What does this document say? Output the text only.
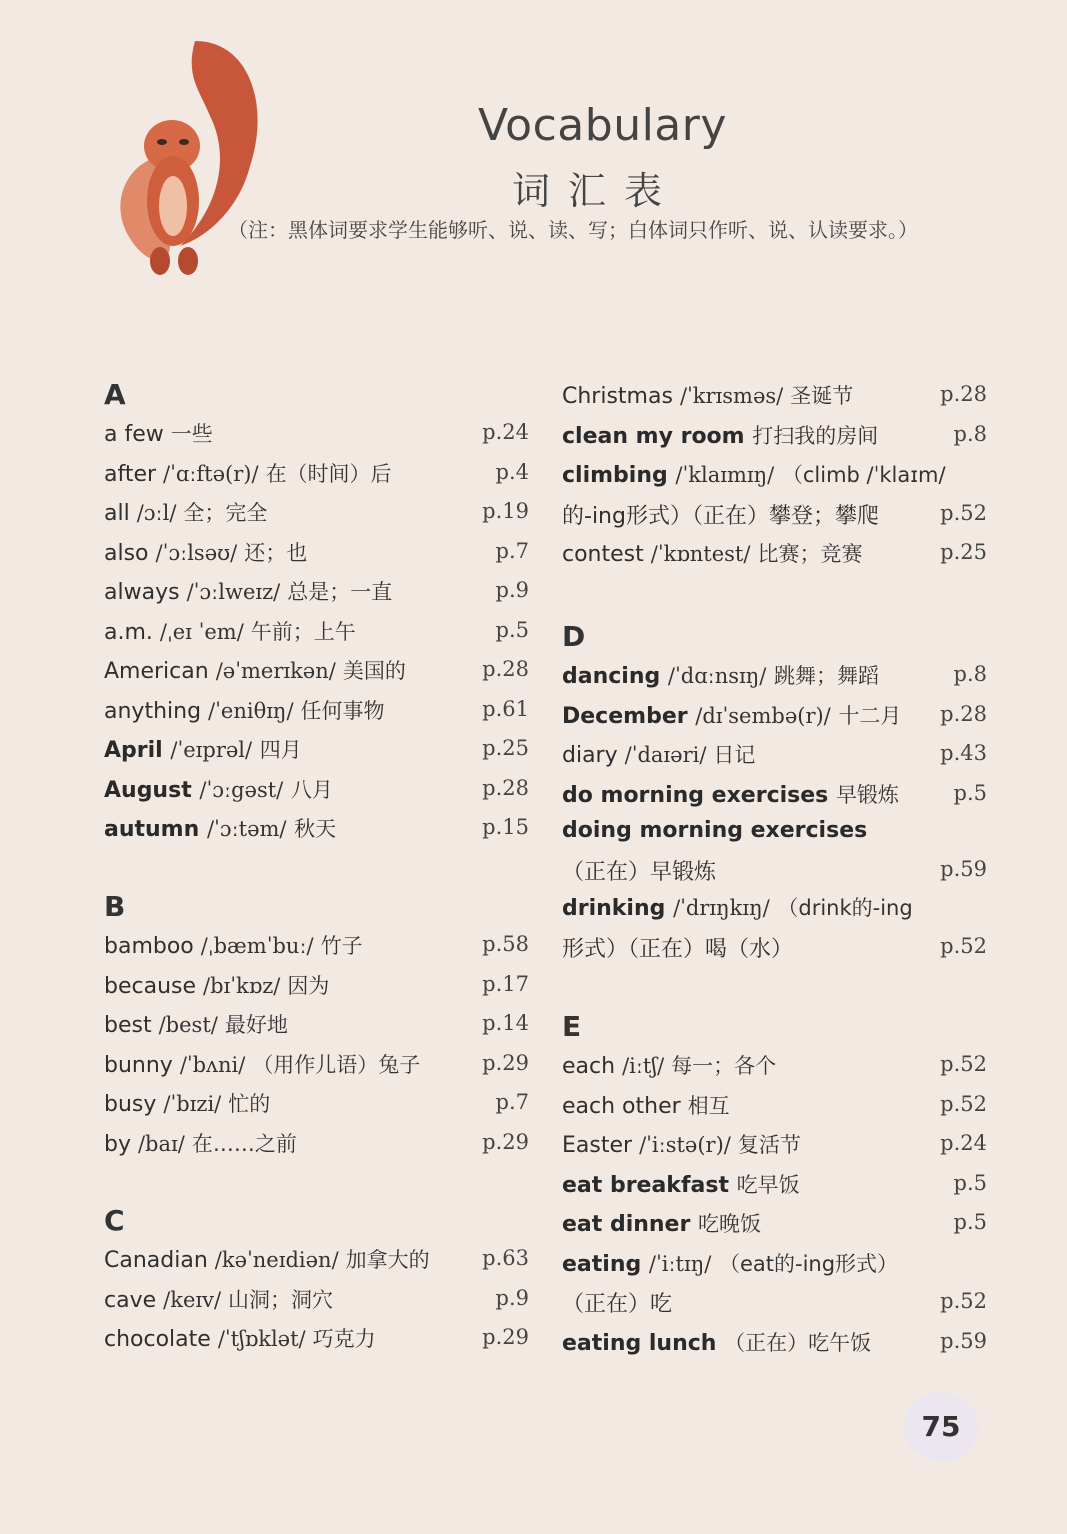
Vocabulary
词汇表
（注：黑体词要求学生能够听、说、读、写；白体词只作听、说、认读要求。）
A
a few 一些	p.24
after /ˈɑːftə(r)/ 在（时间）后	p.4
all /ɔːl/ 全；完全	p.19
also /ˈɔːlsəʊ/ 还；也	p.7
always /ˈɔːlweɪz/ 总是；一直	p.9
a.m. /ˌeɪ ˈem/ 午前；上午	p.5
American /əˈmerɪkən/ 美国的	p.28
anything /ˈeniθɪŋ/ 任何事物	p.61
April /ˈeɪprəl/ 四月	p.25
August /ˈɔːgəst/ 八月	p.28
autumn /ˈɔːtəm/ 秋天	p.15
B
bamboo /ˌbæmˈbuː/ 竹子	p.58
because /bɪˈkɒz/ 因为	p.17
best /best/ 最好地	p.14
bunny /ˈbʌni/ （用作儿语）兔子	p.29
busy /ˈbɪzi/ 忙的	p.7
by /baɪ/ 在……之前	p.29
C
Canadian /kəˈneɪdiən/ 加拿大的	p.63
cave /keɪv/ 山洞；洞穴	p.9
chocolate /ˈtʃɒklət/ 巧克力	p.29
Christmas /ˈkrɪsməs/ 圣诞节	p.28
clean my room 打扫我的房间	p.8
climbing /ˈklaɪmɪŋ/ （climb /ˈklaɪm/
的-ing形式）（正在）攀登；攀爬	p.52
contest /ˈkɒntest/ 比赛；竞赛	p.25
D
dancing /ˈdɑːnsɪŋ/ 跳舞；舞蹈	p.8
December /dɪˈsembə(r)/ 十二月 p.28
diary /ˈdaɪəri/ 日记	p.43
do morning exercises 早锻炼	p.5
doing morning exercises
（正在）早锻炼	p.59
drinking /ˈdrɪŋkɪŋ/ （drink的-ing
形式）（正在）喝（水）	p.52
E
each /iːtʃ/ 每一；各个	p.52
each other 相互	p.52
Easter /ˈiːstə(r)/ 复活节	p.24
eat breakfast 吃早饭	p.5
eat dinner 吃晚饭	p.5
eating /ˈiːtɪŋ/ （eat的-ing形式）
（正在）吃	p.52
eating lunch （正在）吃午饭	p.59
75
